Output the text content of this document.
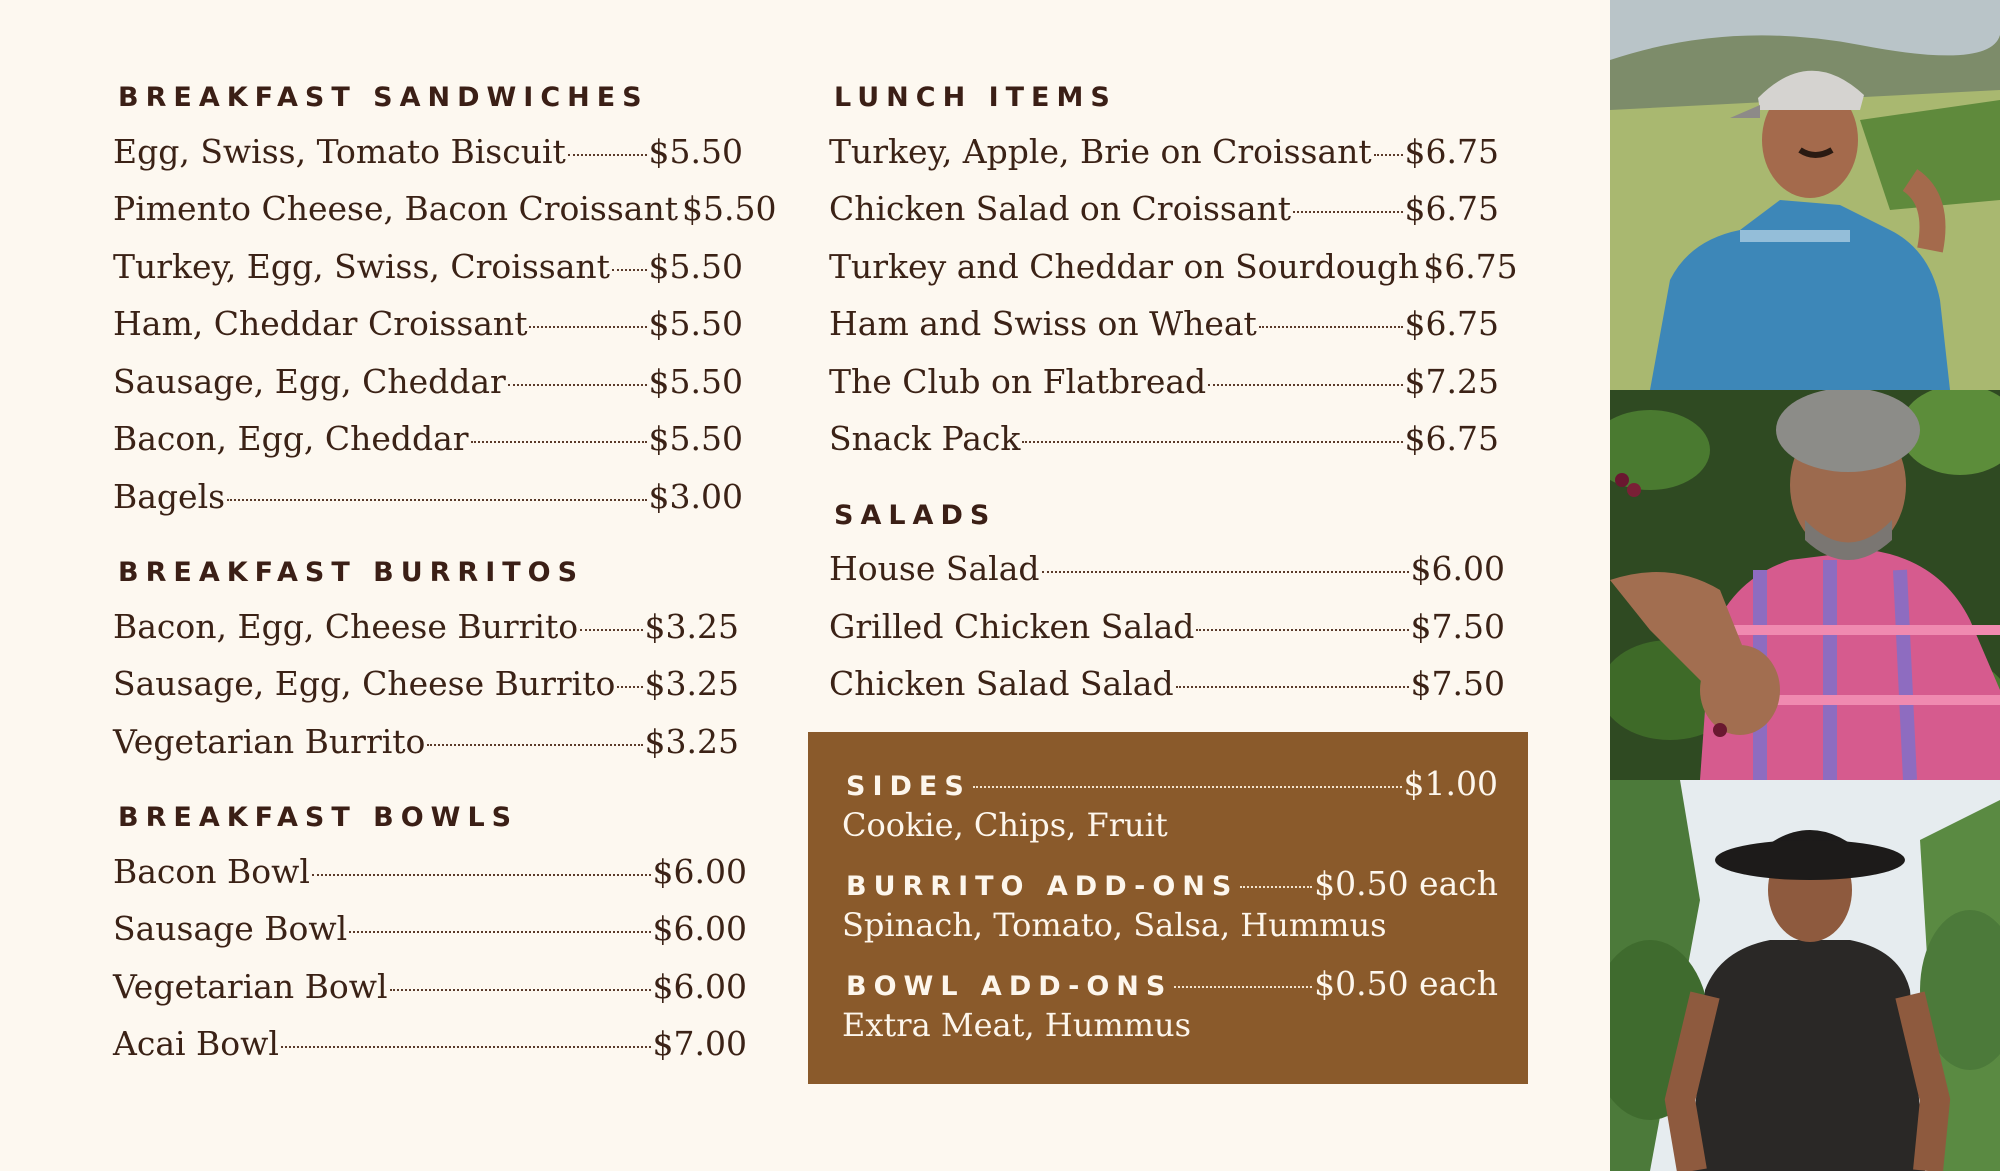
BREAKFAST SANDWICHES
Egg, Swiss, Tomato Biscuit	$5.50
Pimento Cheese, Bacon Croissant $5.50
Turkey, Egg, Swiss, Croissant $5.50
Ham, Cheddar Croissant	$5.50
Sausage, Egg, Cheddar	$5.50
Bacon, Egg, Cheddar	$5.50
Bagels	$3.00
BREAKFAST BURRITOS
Bacon, Egg, Cheese Burrito $3.25
Sausage, Egg, Cheese Burrito $3.25
Vegetarian Burrito	$3.25
BREAKFAST BOWLS
Bacon Bowl	$6.00
Sausage Bowl	$6.00
Vegetarian Bowl	$6.00
Acai Bowl	$7.00
LUNCH ITEMS
Turkey, Apple, Brie on Croissant $6.75
Chicken Salad on Croissant	$6.75
Turkey and Cheddar on Sourdough $6.75
Ham and Swiss on Wheat	$6.75
The Club on Flatbread	$7.25
Snack Pack	$6.75
SALADS
House Salad	$6.00
Grilled Chicken Salad	$7.50
Chicken Salad Salad	$7.50
SIDES	$1.00
Cookie, Chips, Fruit
BURRITO ADD-ONS $0.50 each
Spinach, Tomato, Salsa, Hummus
BOWL ADD-ONS	$0.50 each
Extra Meat, Hummus
